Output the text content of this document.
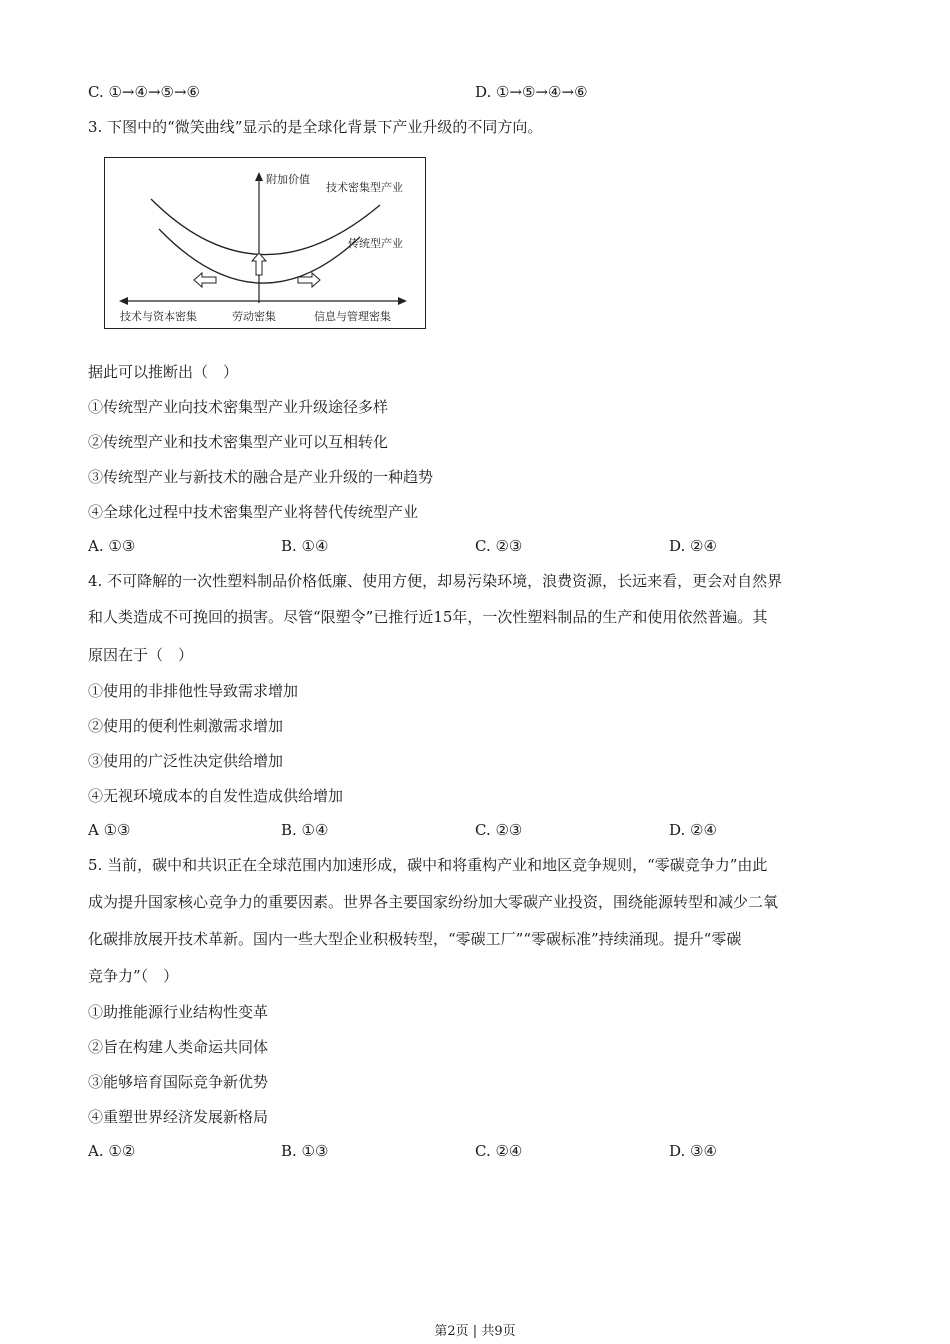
C. ①→④→⑤→⑥	D. ①→⑤→④→⑥
3. 下图中的“微笑曲线”显示的是全球化背景下产业升级的不同方向。
附加价值
技术密集型产业
传统型产业
技术与资本密集	劳动密集	信息与管理密集
据此可以推断出（　）
①传统型产业向技术密集型产业升级途径多样
②传统型产业和技术密集型产业可以互相转化
③传统型产业与新技术的融合是产业升级的一种趋势
④全球化过程中技术密集型产业将替代传统型产业
A. ①③	B. ①④	C. ②③	D. ②④
4. 不可降解的一次性塑料制品价格低廉、使用方便，却易污染环境，浪费资源，长远来看，更会对自然界
和人类造成不可挽回的损害。尽管“限塑令”已推行近15年，一次性塑料制品的生产和使用依然普遍。其
原因在于（　）
①使用的非排他性导致需求增加
②使用的便利性刺激需求增加
③使用的广泛性决定供给增加
④无视环境成本的自发性造成供给增加
A ①③	B. ①④	C. ②③	D. ②④
5. 当前，碳中和共识正在全球范围内加速形成，碳中和将重构产业和地区竞争规则，“零碳竞争力”由此
成为提升国家核心竞争力的重要因素。世界各主要国家纷纷加大零碳产业投资，围绕能源转型和减少二氧
化碳排放展开技术革新。国内一些大型企业积极转型，“零碳工厂”“零碳标准”持续涌现。提升“零碳
竞争力”（　）
①助推能源行业结构性变革
②旨在构建人类命运共同体
③能够培育国际竞争新优势
④重塑世界经济发展新格局
A. ①②	B. ①③	C. ②④	D. ③④
第2页 | 共9页
